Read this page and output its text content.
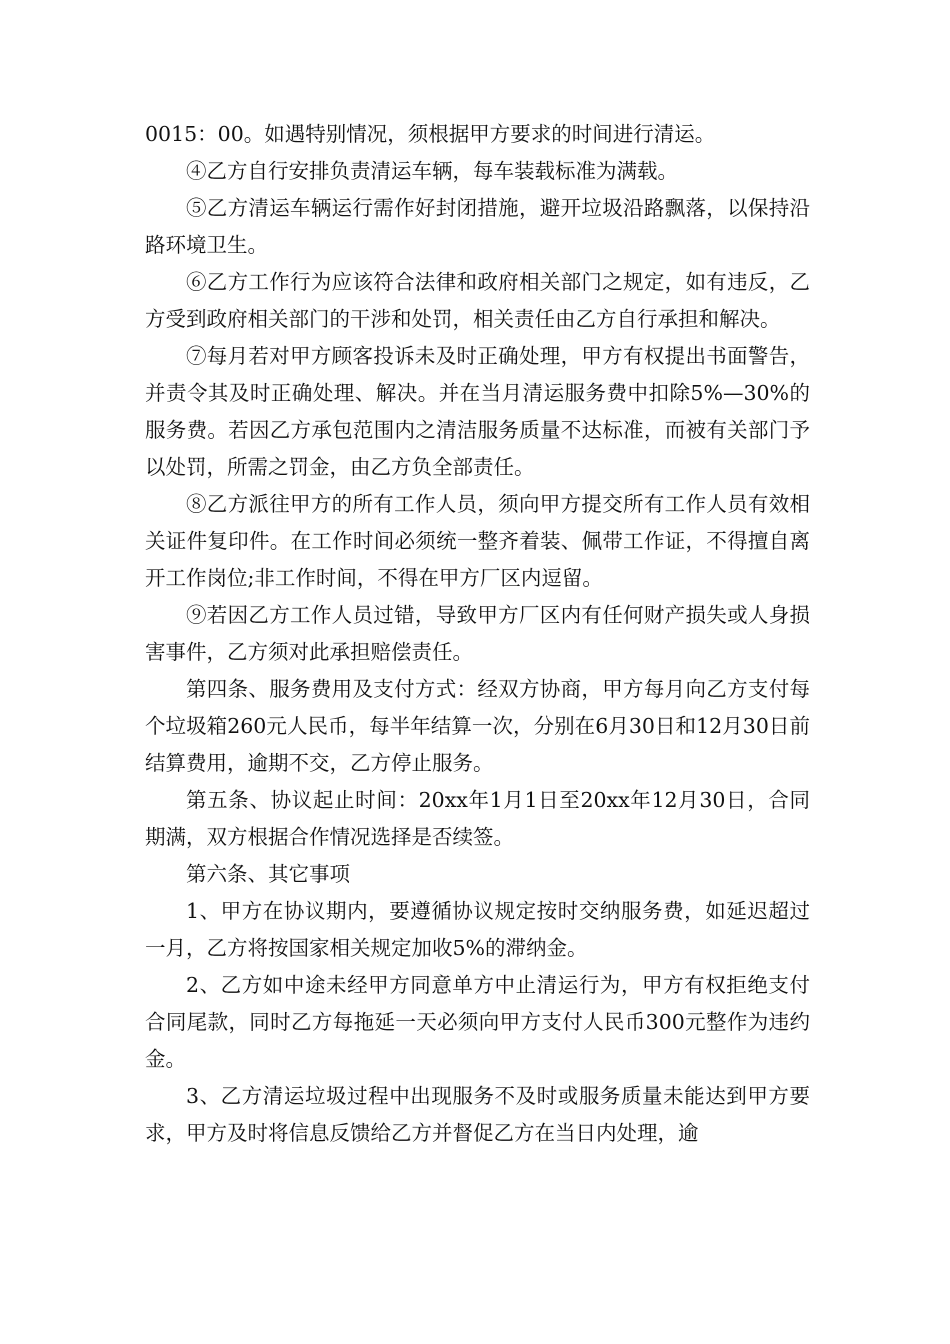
0015：00。如遇特别情况，须根据甲方要求的时间进行清运。

④乙方自行安排负责清运车辆，每车装载标准为满载。

⑤乙方清运车辆运行需作好封闭措施，避开垃圾沿路飘落，以保持沿路环境卫生。

⑥乙方工作行为应该符合法律和政府相关部门之规定，如有违反，乙方受到政府相关部门的干涉和处罚，相关责任由乙方自行承担和解决。

⑦每月若对甲方顾客投诉未及时正确处理，甲方有权提出书面警告，并责令其及时正确处理、解决。并在当月清运服务费中扣除5%—30%的服务费。若因乙方承包范围内之清洁服务质量不达标准，而被有关部门予以处罚，所需之罚金，由乙方负全部责任。

⑧乙方派往甲方的所有工作人员，须向甲方提交所有工作人员有效相关证件复印件。在工作时间必须统一整齐着装、佩带工作证，不得擅自离开工作岗位;非工作时间，不得在甲方厂区内逗留。

⑨若因乙方工作人员过错，导致甲方厂区内有任何财产损失或人身损害事件，乙方须对此承担赔偿责任。

第四条、服务费用及支付方式：经双方协商，甲方每月向乙方支付每个垃圾箱260元人民币，每半年结算一次，分别在6月30日和12月30日前结算费用，逾期不交，乙方停止服务。

第五条、协议起止时间：20xx年1月1日至20xx年12月30日，合同期满，双方根据合作情况选择是否续签。

第六条、其它事项

1、甲方在协议期内，要遵循协议规定按时交纳服务费，如延迟超过一月，乙方将按国家相关规定加收5%的滞纳金。

2、乙方如中途未经甲方同意单方中止清运行为，甲方有权拒绝支付合同尾款，同时乙方每拖延一天必须向甲方支付人民币300元整作为违约金。

3、乙方清运垃圾过程中出现服务不及时或服务质量未能达到甲方要求，甲方及时将信息反馈给乙方并督促乙方在当日内处理，逾
